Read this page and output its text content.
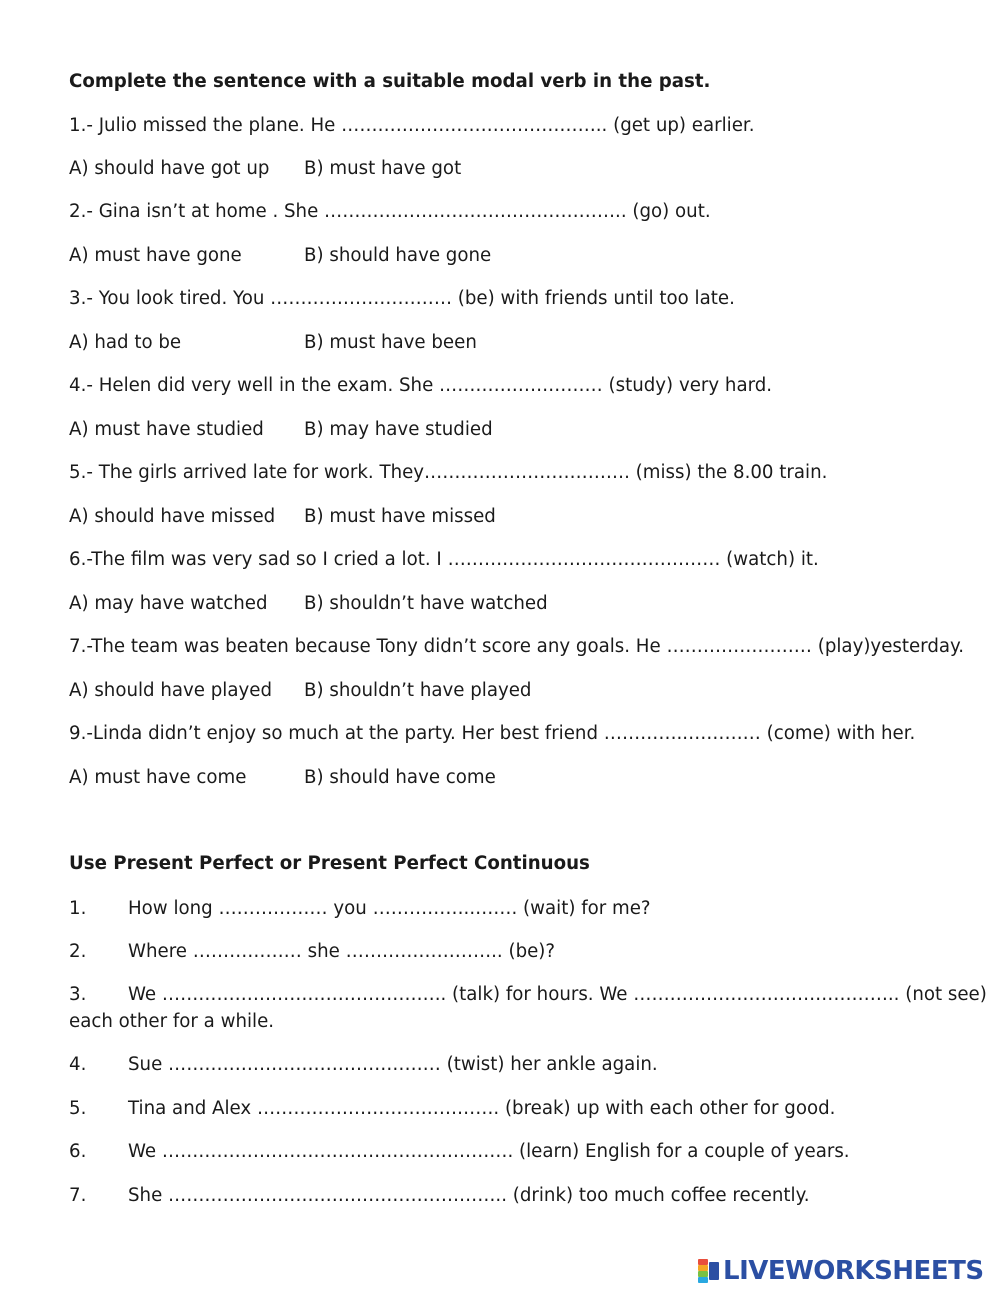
Complete the sentence with a suitable modal verb in the past.
1.- Julio missed the plane. He …………………………………….. (get up) earlier.
A) should have got up B) must have got
2.- Gina isn’t at home . She ………………………………………….. (go) out.
A) must have gone	B) should have gone
3.- You look tired. You ………………………… (be) with friends until too late.
A) had to be	B) must have been
4.- Helen did very well in the exam. She ……………………… (study) very hard.
A) must have studied B) may have studied
5.- The girls arrived late for work. They……………………………. (miss) the 8.00 train.
A) should have missed B) must have missed
6.-The film was very sad so I cried a lot. I ……………………………………… (watch) it.
A) may have watched B) shouldn’t have watched
7.-The team was beaten because Tony didn’t score any goals. He …………………… (play)yesterday.
A) should have played B) shouldn’t have played
9.-Linda didn’t enjoy so much at the party. Her best friend …………..………… (come) with her.
A) must have come	B) should have come
Use Present Perfect or Present Perfect Continuous
1. How long ……………… you ……………..……. (wait) for me?
2. Where ……………… she …………………….. (be)?
3. We ……………………………………….. (talk) for hours. We …………………………………….. (not see)
each other for a while.
4. Sue ……………………………………… (twist) her ankle again.
5. Tina and Alex …………………………………. (break) up with each other for good.
6. We …………………………………………………. (learn) English for a couple of years.
7. She ……………………………………………….. (drink) too much coffee recently.
LIVEWORKSHEETS
